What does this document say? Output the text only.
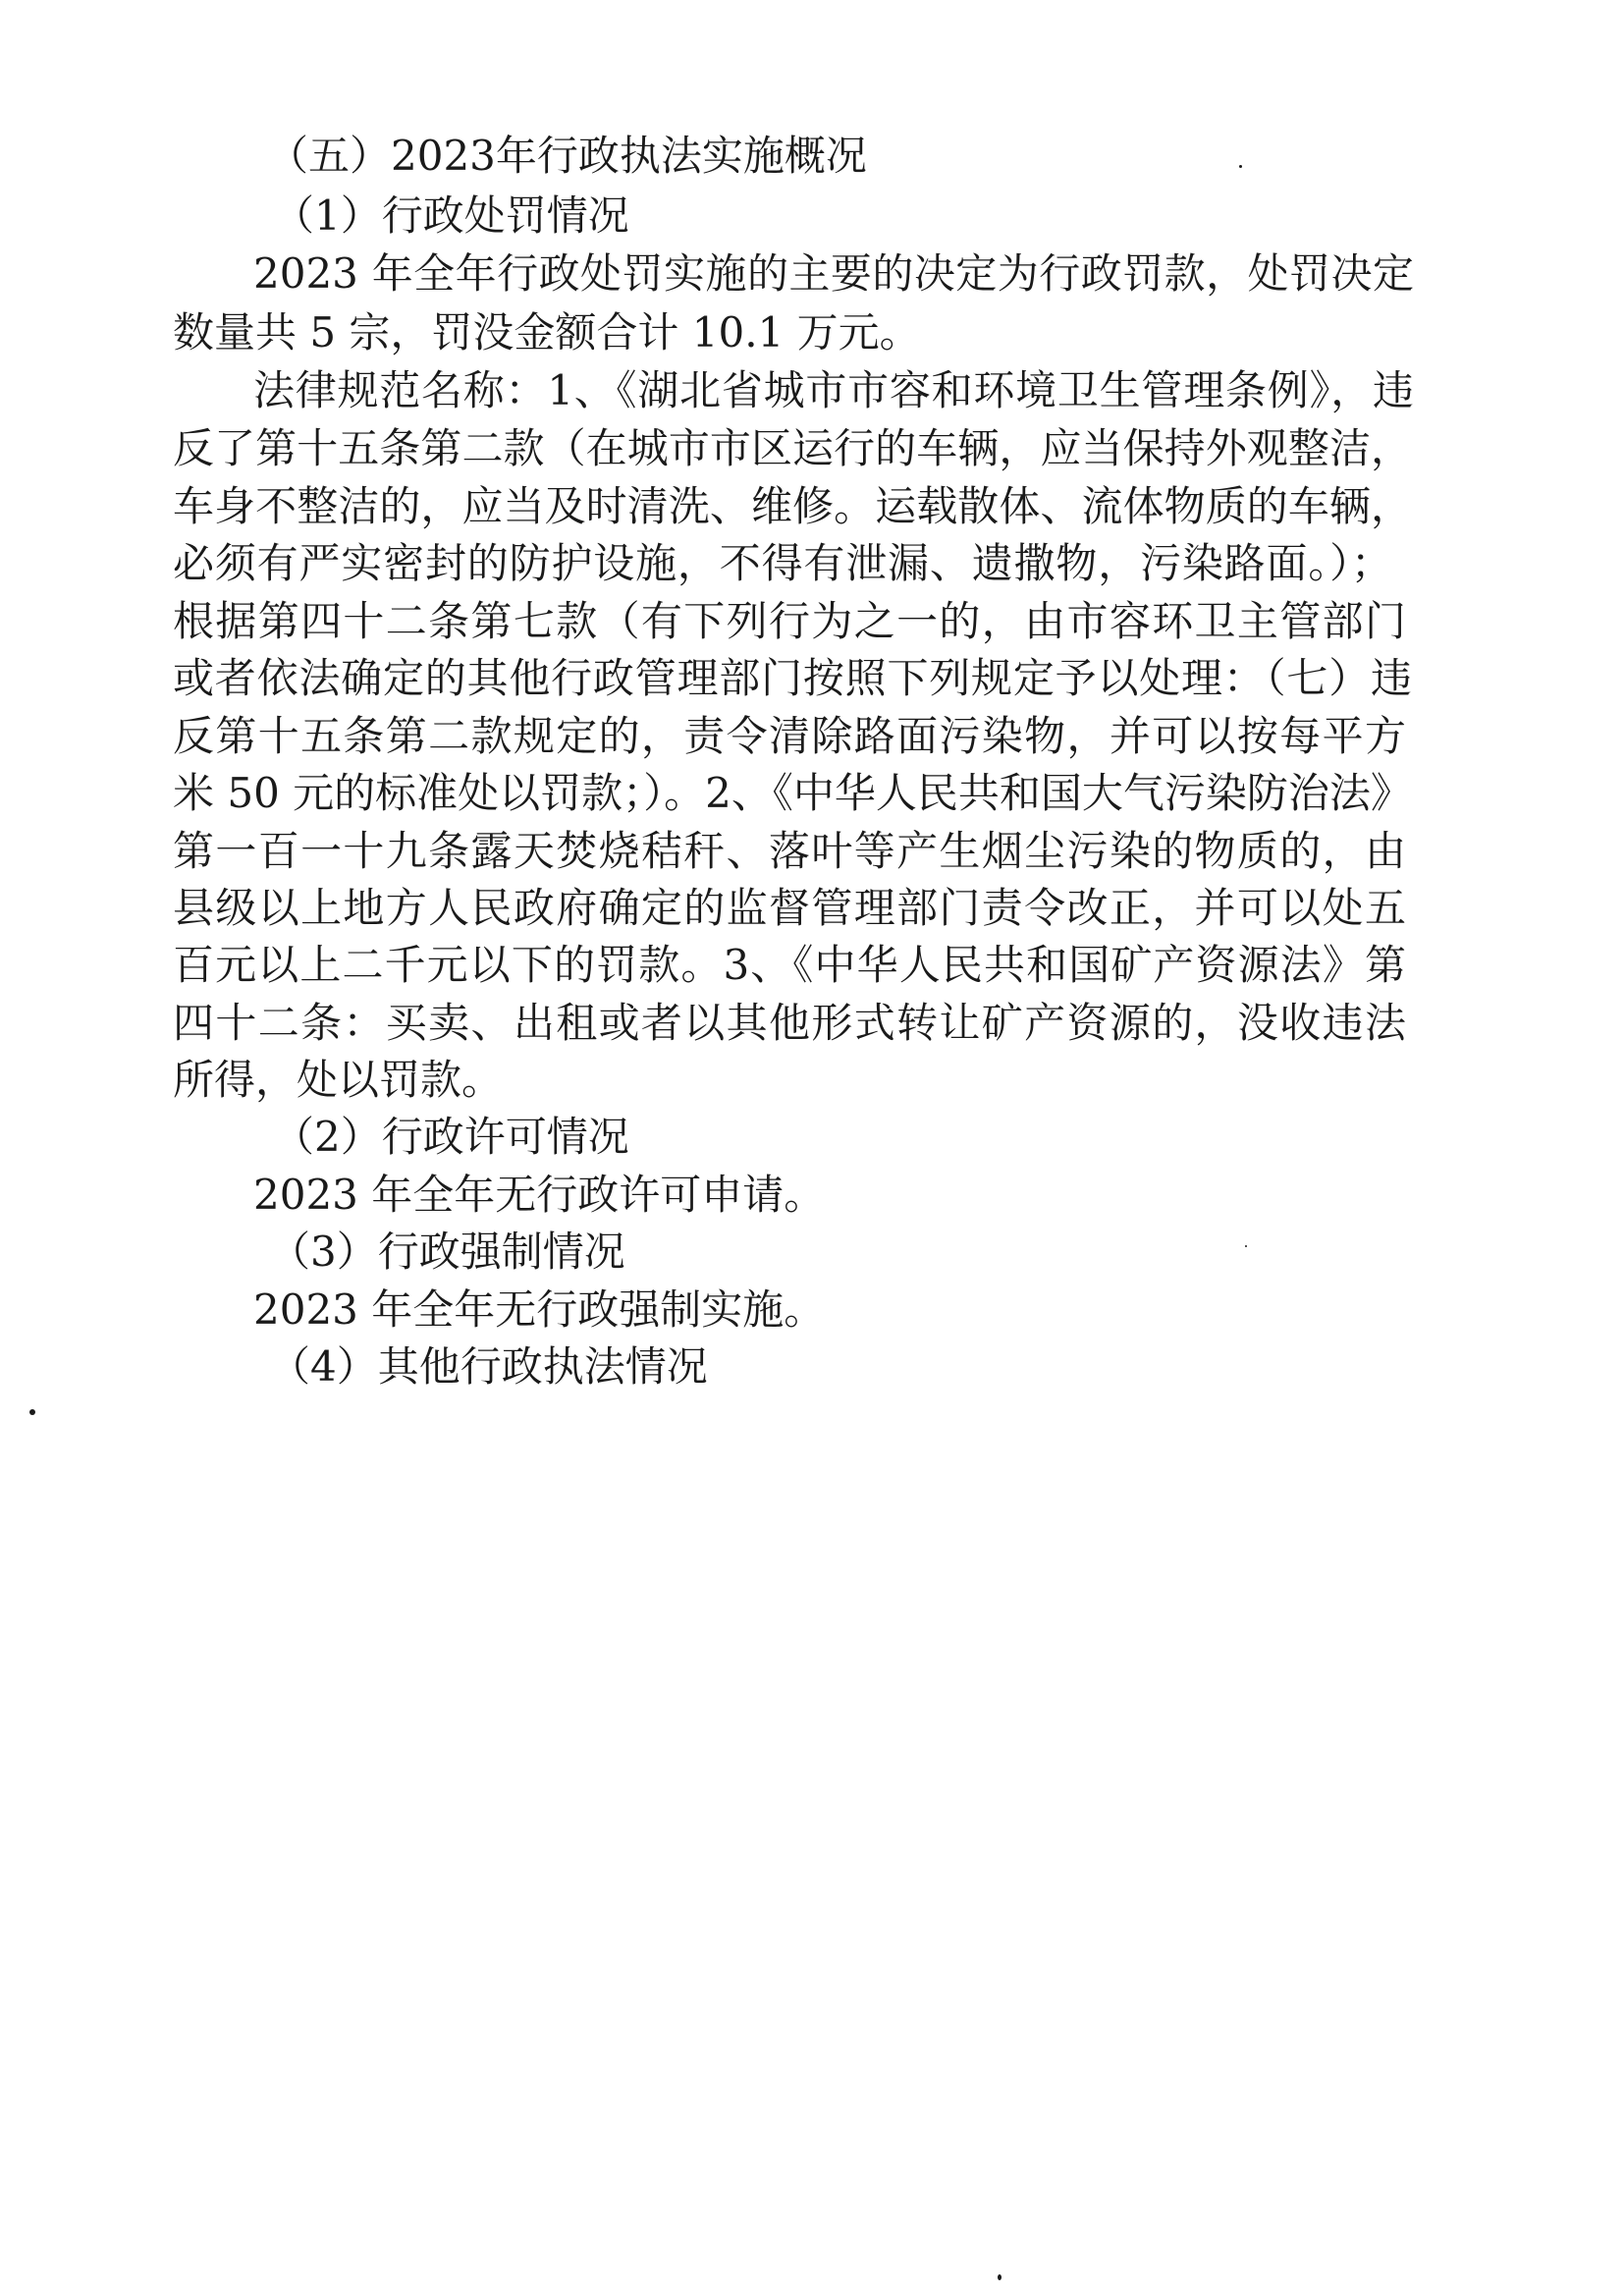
（五）2023年行政执法实施概况
（1）行政处罚情况
2023 年全年行政处罚实施的主要的决定为行政罚款，处罚决定
数量共 5 宗，罚没金额合计 10.1 万元。
法律规范名称：1、《湖北省城市市容和环境卫生管理条例》，违
反了第十五条第二款（在城市市区运行的车辆，应当保持外观整洁，
车身不整洁的，应当及时清洗、维修。运载散体、流体物质的车辆，
必须有严实密封的防护设施，不得有泄漏、遗撒物，污染路面。）；
根据第四十二条第七款（有下列行为之一的，由市容环卫主管部门
或者依法确定的其他行政管理部门按照下列规定予以处理：（七）违
反第十五条第二款规定的，责令清除路面污染物，并可以按每平方
米 50 元的标准处以罚款；）。2、《中华人民共和国大气污染防治法》
第一百一十九条露天焚烧秸秆、落叶等产生烟尘污染的物质的，由
县级以上地方人民政府确定的监督管理部门责令改正，并可以处五
百元以上二千元以下的罚款。3、《中华人民共和国矿产资源法》第
四十二条：买卖、出租或者以其他形式转让矿产资源的，没收违法
所得，处以罚款。
（2）行政许可情况
2023 年全年无行政许可申请。
（3）行政强制情况
2023 年全年无行政强制实施。
（4）其他行政执法情况
